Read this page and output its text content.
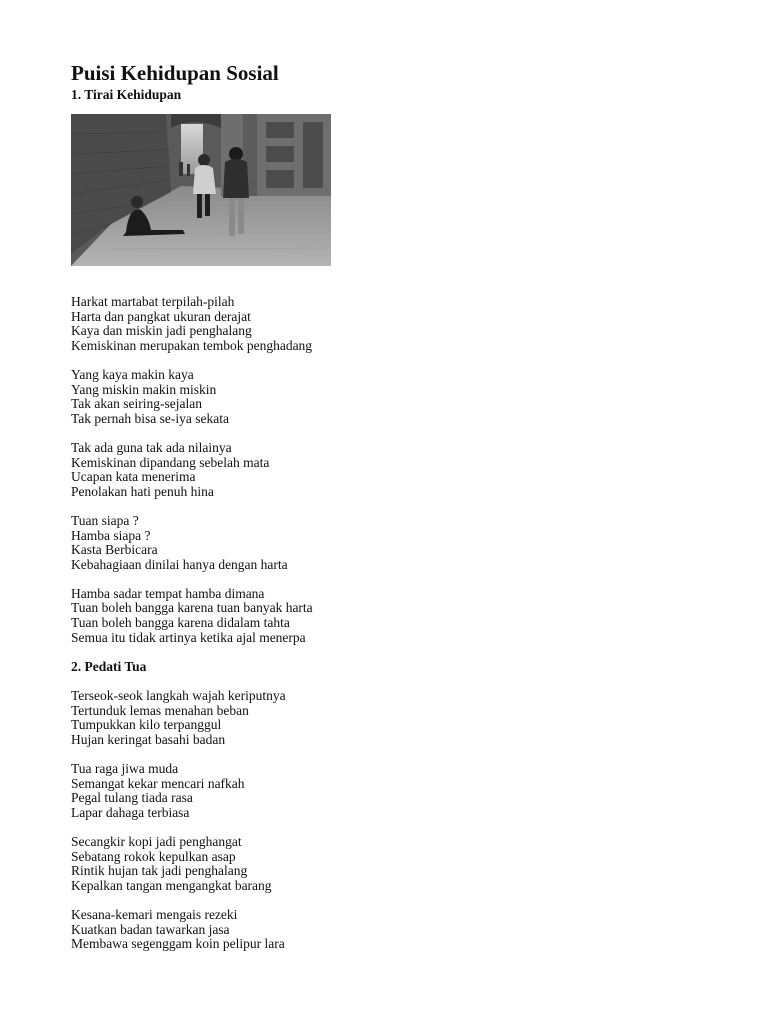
Puisi Kehidupan Sosial
1. Tirai Kehidupan
Harkat martabat terpilah-pilah
Harta dan pangkat ukuran derajat
Kaya dan miskin jadi penghalang
Kemiskinan merupakan tembok penghadang
Yang kaya makin kaya
Yang miskin makin miskin
Tak akan seiring-sejalan
Tak pernah bisa se-iya sekata
Tak ada guna tak ada nilainya
Kemiskinan dipandang sebelah mata
Ucapan kata menerima
Penolakan hati penuh hina
Tuan siapa ?
Hamba siapa ?
Kasta Berbicara
Kebahagiaan dinilai hanya dengan harta
Hamba sadar tempat hamba dimana
Tuan boleh bangga karena tuan banyak harta
Tuan boleh bangga karena didalam tahta
Semua itu tidak artinya ketika ajal menerpa
2. Pedati Tua
Terseok-seok langkah wajah keriputnya
Tertunduk lemas menahan beban
Tumpukkan kilo terpanggul
Hujan keringat basahi badan
Tua raga jiwa muda
Semangat kekar mencari nafkah
Pegal tulang tiada rasa
Lapar dahaga terbiasa
Secangkir kopi jadi penghangat
Sebatang rokok kepulkan asap
Rintik hujan tak jadi penghalang
Kepalkan tangan mengangkat barang
Kesana-kemari mengais rezeki
Kuatkan badan tawarkan jasa
Membawa segenggam koin pelipur lara
